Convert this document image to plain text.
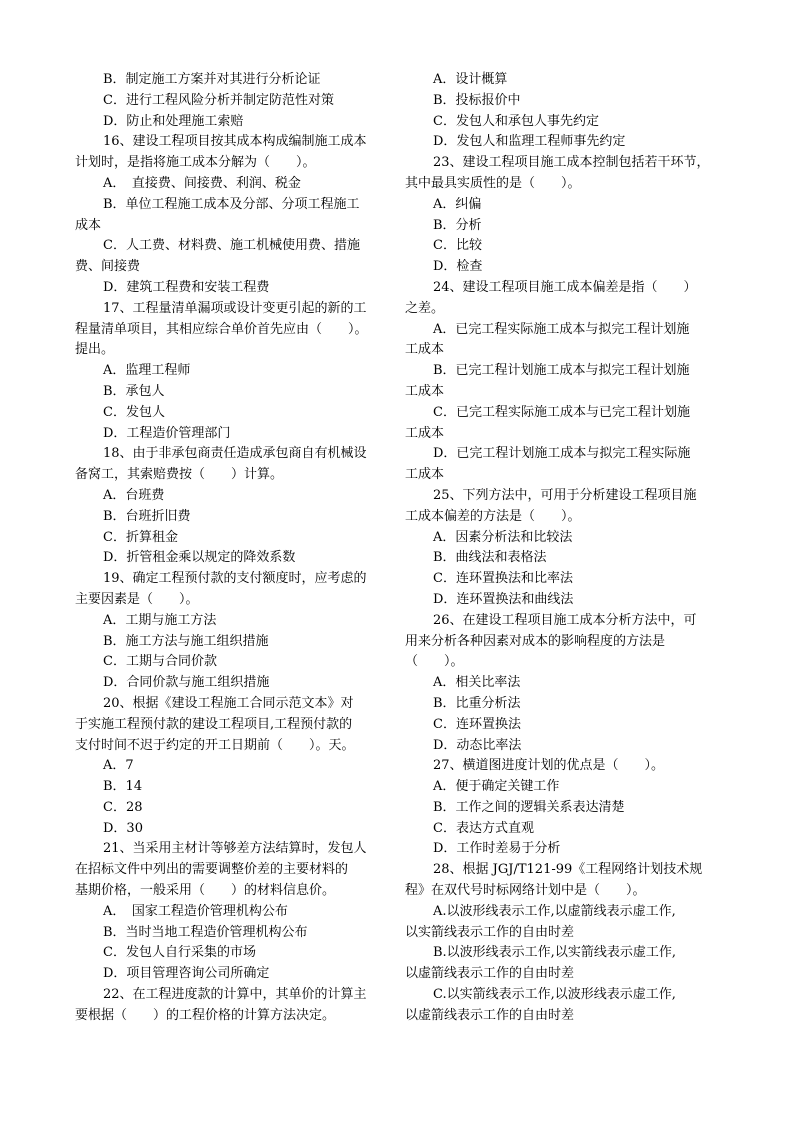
B．制定施工方案并对其进行分析论证
C．进行工程风险分析并制定防范性对策
D．防止和处理施工索赔
16、建设工程项目按其成本构成编制施工成本
计划时，是指将施工成本分解为（　　）。
A．　直接费、间接费、利润、税金
B．单位工程施工成本及分部、分项工程施工
成本
C．人工费、材料费、施工机械使用费、措施
费、间接费
D．建筑工程费和安装工程费
17、工程量清单漏项或设计变更引起的新的工
程量清单项目，其相应综合单价首先应由（　　）。
提出。
A．监理工程师
B．承包人
C．发包人
D．工程造价管理部门
18、由于非承包商责任造成承包商自有机械设
备窝工，其索赔费按（　　）计算。
A．台班费
B．台班折旧费
C．折算租金
D．折管租金乘以规定的降效系数
19、确定工程预付款的支付额度时，应考虑的
主要因素是（　　）。
A．工期与施工方法
B．施工方法与施工组织措施
C．工期与合同价款
D．合同价款与施工组织措施
20、根据《建设工程施工合同示范文本》对
于实施工程预付款的建设工程项目,工程预付款的
支付时间不迟于约定的开工日期前（　　）。天。
A．7
B．14
C．28
D．30
21、当采用主材计等够差方法结算时，发包人
在招标文件中列出的需要调整价差的主要材料的
基期价格，一般采用（　　）的材料信息价。
A．　国家工程造价管理机构公布
B．当时当地工程造价管理机构公布
C．发包人自行采集的市场
D．项目管理咨询公司所确定
22、在工程进度款的计算中，其单价的计算主
要根据（　　）的工程价格的计算方法决定。
A．设计概算
B．投标报价中
C．发包人和承包人事先约定
D．发包人和监理工程师事先约定
23、建设工程项目施工成本控制包括若干环节，
其中最具实质性的是（　　）。
A．纠偏
B．分析
C．比较
D．检查
24、建设工程项目施工成本偏差是指（　　）
之差。
A．已完工程实际施工成本与拟完工程计划施
工成本
B．已完工程计划施工成本与拟完工程计划施
工成本
C．已完工程实际施工成本与已完工程计划施
工成本
D．已完工程计划施工成本与拟完工程实际施
工成本
25、下列方法中，可用于分析建设工程项目施
工成本偏差的方法是（　　）。
A．因素分析法和比较法
B．曲线法和表格法
C．连环置换法和比率法
D．连环置换法和曲线法
26、在建设工程项目施工成本分析方法中，可
用来分析各种因素对成本的影响程度的方法是
（　　）。
A．相关比率法
B．比重分析法
C．连环置换法
D．动态比率法
27、横道图进度计划的优点是（　　）。
A．便于确定关键工作
B．工作之间的逻辑关系表达清楚
C．表达方式直观
D．工作时差易于分析
28、根据 JGJ/T121-99《工程网络计划技术规
程》在双代号时标网络计划中是（　　）。
A.以波形线表示工作,以虚箭线表示虚工作,
以实箭线表示工作的自由时差
B.以波形线表示工作,以实箭线表示虚工作,
以虚箭线表示工作的自由时差
C.以实箭线表示工作,以波形线表示虚工作,
以虚箭线表示工作的自由时差
